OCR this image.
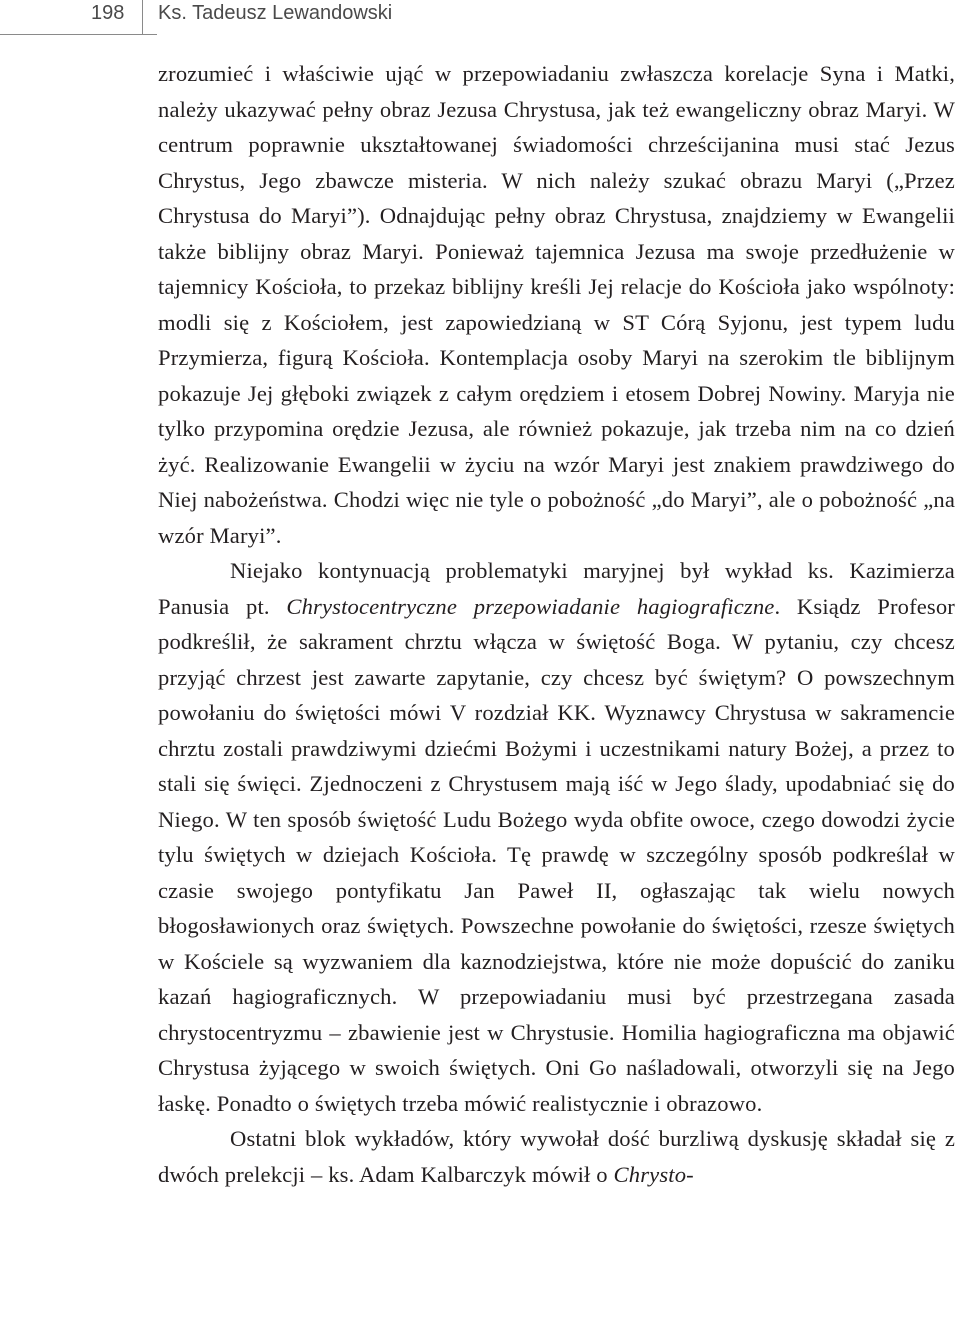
198 Ks. Tadeusz Lewandowski

zrozumieć i właściwie ująć w przepowiadaniu zwłaszcza korelacje Syna i Matki, należy ukazywać pełny obraz Jezusa Chrystusa, jak też ewangeliczny obraz Maryi. W centrum poprawnie ukształtowanej świadomości chrześcijanina musi stać Jezus Chrystus, Jego zbawcze misteria. W nich należy szukać obrazu Maryi („Przez Chrystusa do Maryi”). Odnajdując pełny obraz Chrystusa, znajdziemy w Ewangelii także biblijny obraz Maryi. Ponieważ tajemnica Jezusa ma swoje przedłużenie w tajemnicy Kościoła, to przekaz biblijny kreśli Jej relacje do Kościoła jako wspólnoty: modli się z Kościołem, jest zapowiedzianą w ST Córą Syjonu, jest typem ludu Przymierza, figurą Kościoła. Kontemplacja osoby Maryi na szerokim tle biblijnym pokazuje Jej głęboki związek z całym orędziem i etosem Dobrej Nowiny. Maryja nie tylko przypomina orędzie Jezusa, ale również pokazuje, jak trzeba nim na co dzień żyć. Realizowanie Ewangelii w życiu na wzór Maryi jest znakiem prawdziwego do Niej nabożeństwa. Chodzi więc nie tyle o pobożność „do Maryi”, ale o pobożność „na wzór Maryi”.

Niejako kontynuacją problematyki maryjnej był wykład ks. Kazimierza Panusia pt. Chrystocentryczne przepowiadanie hagiograficzne. Ksiądz Profesor podkreślił, że sakrament chrztu włącza w świętość Boga. W pytaniu, czy chcesz przyjąć chrzest jest zawarte zapytanie, czy chcesz być świętym? O powszechnym powołaniu do świętości mówi V rozdział KK. Wyznawcy Chrystusa w sakramencie chrztu zostali prawdziwymi dziećmi Bożymi i uczestnikami natury Bożej, a przez to stali się święci. Zjednoczeni z Chrystusem mają iść w Jego ślady, upodabniać się do Niego. W ten sposób świętość Ludu Bożego wyda obfite owoce, czego dowodzi życie tylu świętych w dziejach Kościoła. Tę prawdę w szczególny sposób podkreślał w czasie swojego pontyfikatu Jan Paweł II, ogłaszając tak wielu nowych błogosławionych oraz świętych. Powszechne powołanie do świętości, rzesze świętych w Kościele są wyzwaniem dla kaznodziejstwa, które nie może dopuścić do zaniku kazań hagiograficznych. W przepowiadaniu musi być przestrzegana zasada chrystocentryzmu – zbawienie jest w Chrystusie. Homilia hagiograficzna ma objawić Chrystusa żyjącego w swoich świętych. Oni Go naśladowali, otworzyli się na Jego łaskę. Ponadto o świętych trzeba mówić realistycznie i obrazowo.

Ostatni blok wykładów, który wywołał dość burzliwą dyskusję składał się z dwóch prelekcji – ks. Adam Kalbarczyk mówił o Chrysto-
